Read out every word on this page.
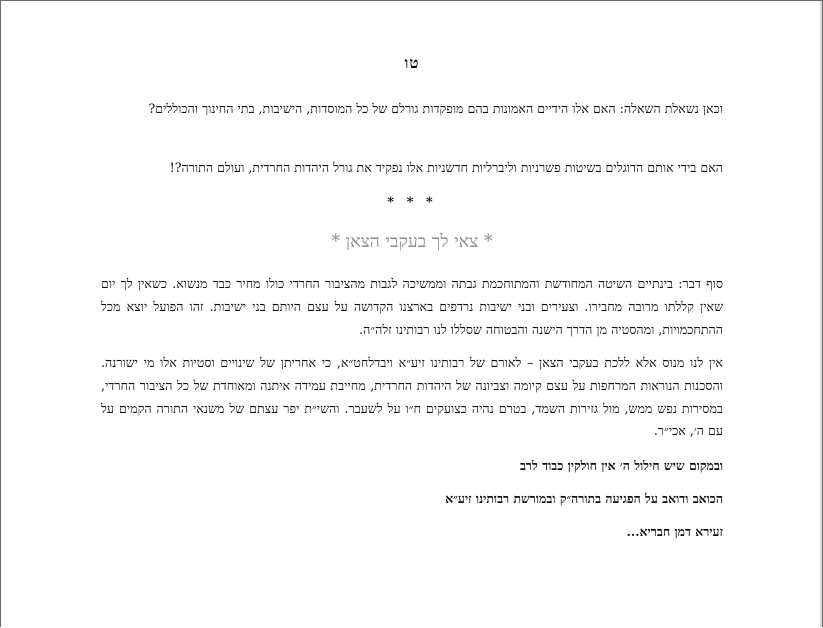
טו

וכאן נשאלת השאלה: האם אלו הידיים האמונות בהם מופקדות גורלם של כל המוסדות, הישיבות, בתי החינוך והכוללים?

האם בידי אותם הדוגלים בשיטות פשרניות וליברליות חדשניות אלו נפקיד את גורל היהדות החרדית, ועולם התורה?!

* * *
* צאי לך בעקבי הצאן *

סוף דבר: בינתיים השיטה המחודשת והמתוחכמת גבתה וממשיכה לגבות מהציבור החרדי כולו מחיר כבד מנשוא. כשאין לך יום שאין קללתו מרובה מחבירו. וצעירים ובני ישיבות נרדפים בארצנו הקדושה על עצם היותם בני ישיבות. זהו הפועל יוצא מכל ההתחכמויות, ומהסטיה מן הדרך הישנה והבטוחה שסללו לנו רבותינו זלה״ה.

אין לנו מנוס אלא ללכת בעקבי הצאן – לאורם של רבותינו זיע״א ויבדלחט״א, כי אחריתן של שינויים וסטיות אלו מי ישורנה. והסכנות הנוראות המרחפות על עצם קיומה וצביונה של היהדות החרדית, מחייבת עמידה איתנה ומאוחדת של כל הציבור החרדי, במסירות נפש ממש, מול גזירות השמד, בטרם נהיה כצועקים ח״ו על לשעבר. והשי״ת יפר עצתם של משנאי התורה הקמים על עם ה׳, אכי״ר.

ובמקום שיש חילול ה׳ אין חולקין כבוד לרב

הכואב ודואב על הפגיעה בתורה״ק ובמורשת רבותינו זיע״א

זעירא דמן חבריא...
